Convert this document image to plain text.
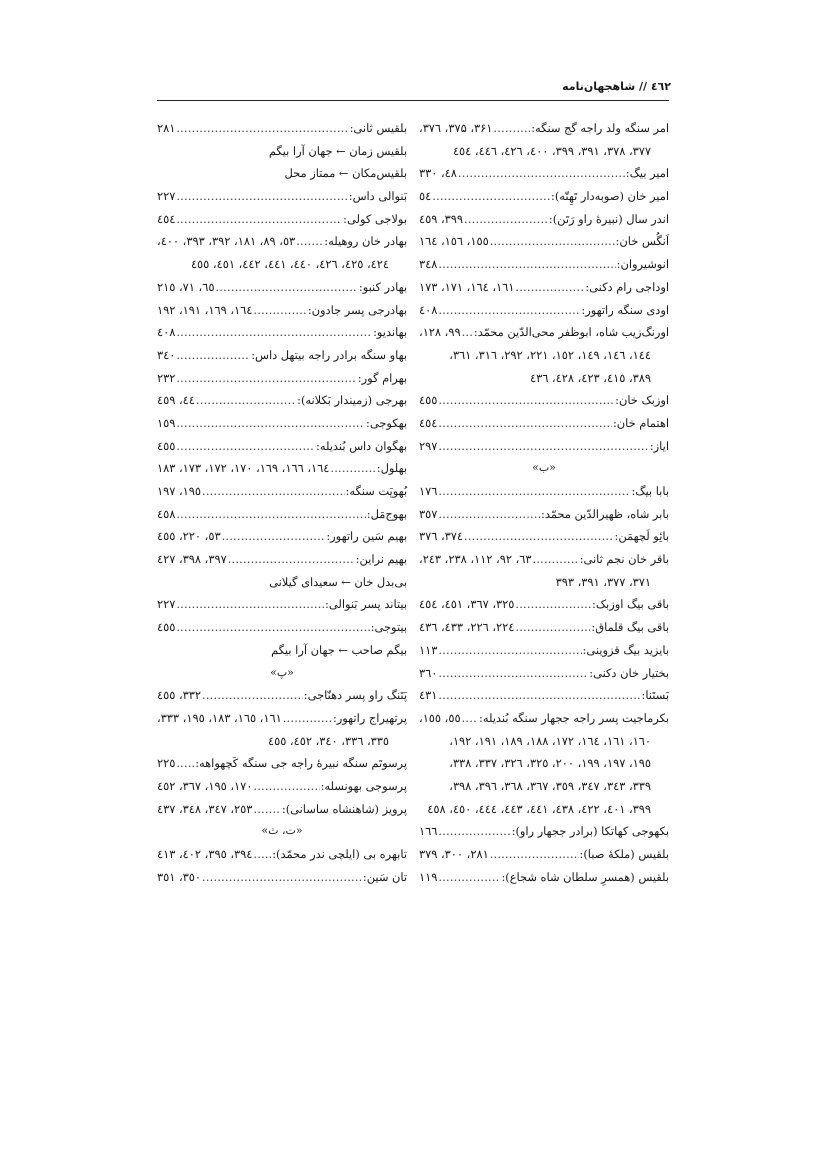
٤٦٢ // شاهجهان‌نامه
امر سنگه ولد راجه گج سنگه:
.....
۳۶۱، ۳۷۵، ۳۷٦،
۳۷۷، ۳۷۸، ۳۹۱، ۳۹۹، ٤۰۰، ٤۲٦، ٤٤٦، ٤٥٤
امیر بیگ:
.....
٤۸، ۳۳۰
امیر خان (صوبه‌دار تَهِتّه):
.....
٥٤
اندر سال (نبیرهٔ راو رَتَن):
.....
۳۹۹، ٤٥۹
اَنگُس خان:
.....
۱٥٥، ۱٥٦، ۱٦٤
انوشیروان:
.....
۳٤۸
اوداجی رام دکنی:
.....
۱٦۱، ۱٦٤، ۱۷۱، ۱۷۳
اودی سنگه راتهور:
.....
٤۰۸
اورنگ‌زیب شاه، ابوظفر محی‌الدّین محمّد:
.....
۹۹، ۱۲۸،
۱٤٤، ۱٤٦، ۱٤۹، ۱٥۲، ۲۲۱، ۲۹۲، ۳۱٦، ۳٦۱،
۳۸۹، ٤۱٥، ٤۲۳، ٤۲۸، ٤۳٦
اوزبک خان:
.....
٤٥٥
اهتمام خان:
.....
٤٥٤
ایاز:
.....
۲۹۷
«ب»
بابا بیگ:
.....
۱۷٦
بابر شاه، ظهیرالدّین محمّد:
.....
۳٥۷
بائِو لَچهمَن:
.....
۳۷٤، ۳۷٦
باقر خان نجم ثانی:
.....
٦۳، ۹۲، ۱۱۲، ۲۳۸، ۲٤۳،
۳۷۱، ۳۷۷، ۳۹۱، ۳۹۳
باقی بیگ اوزبک:
.....
۳۲٥، ۳٦۷، ٤٥۱، ٤٥٤
باقی بیگ قلماق:
.....
۲۲٤، ۲۲٦، ٤۳۳، ٤۳٦
بایزید بیگ قزوینی:
.....
۱۱۳
بختیار خان دکنی:
.....
۳٦۰
بَستَنا:
.....
٤۳۱
بکرماجیت پسر راجه ججهار سنگه بُندیله:
.....
٥٥، ۱٥٥،
۱٦۰، ۱٦۱، ۱٦٤، ۱۷۲، ۱۸۸، ۱۸۹، ۱۹۱، ۱۹۲،
۱۹٥، ۱۹۷، ۱۹۹، ۲۰۰، ۳۲٥، ۳۲٦، ۳۳۷، ۳۳۸،
۳۳۹، ۳٤۳، ۳٤۷، ۳٥۹، ۳٦۷، ۳٦۸، ۳۹٦، ۳۹۸،
۳۹۹، ٤۰۱، ٤۲۲، ٤۳۸، ٤٤۱، ٤٤۳، ٤٤٤، ٤٥۰، ٤٥۸
بکهوجی کهاتکا (برادر ججهار راو):
.....
۱٦٦
بلقیس (ملکهٔ صبا):
.....
۲۸۱، ۳۰۰، ۳۷۹
بلقیس (همسرِ سلطان شاه شجاع):
.....
۱۱۹
بلقیس ثانی:
.....
۲۸۱
بلقیس زمان ← جهان آرا بیگم
بلقیس‌مکان ← ممتاز محل
بَنوالی داس:
.....
۲۲۷
بولاجی کولی:
.....
٤٥٤
بهادر خان روهیله:
.....
٥۳، ۸۹، ۱۸۱، ۳۹۲، ۳۹۳، ٤۰۰،
٤۲٤، ٤۲٥، ٤۲٦، ٤٤۰، ٤٤۱، ٤٤۲، ٤٥۱، ٤٥٥
بهادر کنبو:
.....
٦٥، ۷۱، ۲۱٥
بهادرجی پسر جادون:
.....
۱٦٤، ۱٦۹، ۱۹۱، ۱۹۲
بهاندیو:
.....
٤۰۸
بهاو سنگه برادر راجه بیتهل داس:
.....
۳٤۰
بهرام گور:
.....
۲۳۲
بهرجی (زمیندار بَکلانه):
.....
٤٤، ٤٥۹
بهکوجی:
.....
۱٥۹
بهگوان داس بُندیله:
.....
٤٥٥
بهلول:
.....
۱٦٤، ۱٦٦، ۱٦۹، ۱۷۰، ۱۷۲، ۱۷۳، ۱۸۳
بُهوپَت سنگه:
.....
۱۹٥، ۱۹۷
بهوج‌مَل:
.....
٤٥۸
بهیم سَین راتهور:
.....
٥۳، ۲۲۰، ٤٥٥
بهیم نراین:
.....
۳۹۷، ۳۹۸، ٤۲۷
بی‌بدل خان ← سعیدای گیلانی
بیتاند پسر بَنوالی:
.....
۲۲۷
بیتوجی:
.....
٤٥٥
بیگم صاحب ← جهان آرا بیگم
«پ»
پَتَنگ راو پسر دهنّاجی:
.....
۳۳۲، ٤٥٥
پرتهیراج راتهور:
.....
۱٦۱، ۱٦٥، ۱۸۳، ۱۹٥، ۳۳۳،
۳۳٥، ۳۳٦، ۳٤۰، ٤٥۲، ٤٥٥
پرسوتَم سنگه نبیرهٔ راجه جی سنگه کَچهواهه:
.....
۲۲٥
پرسوجی بهونسله:
.....
۱۷۰، ۱۹٥، ۳٦۷، ٤٥۲
پرویز (شاهنشاه ساسانی):
.....
۲٥۳، ۳٤۷، ۳٤۸، ٤۳۷
«ت، ث»
تابهره بی (ایلچی ندر محمّد):
.....
۳۹٤، ۳۹٥، ٤۰۲، ٤۱۳
تان سَین:
.....
۳٥۰، ۳٥۱
